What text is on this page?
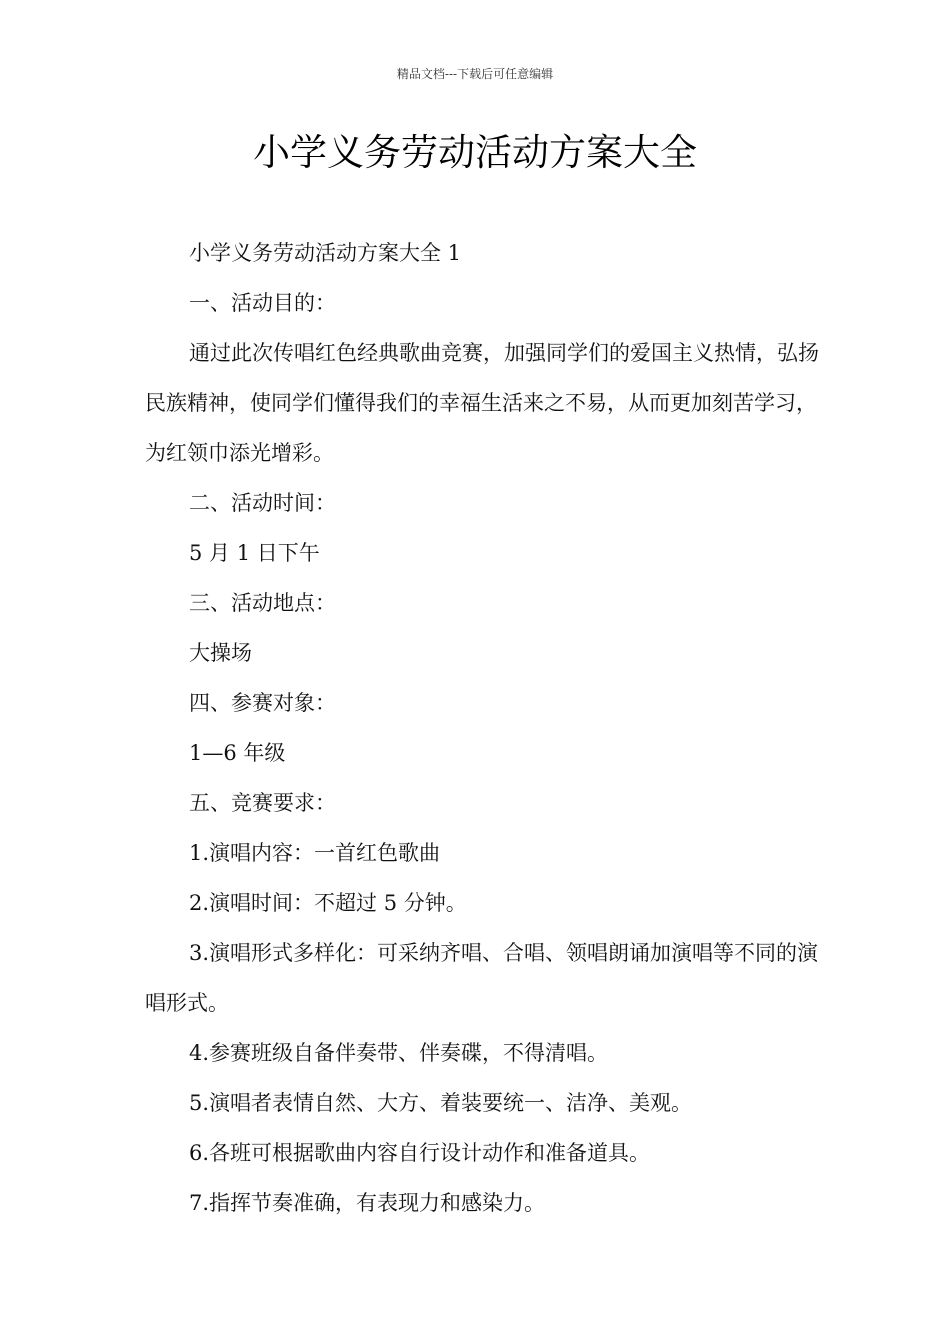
精品文档---下载后可任意编辑
小学义务劳动活动方案大全

小学义务劳动活动方案大全 1

一、活动目的：

通过此次传唱红色经典歌曲竞赛，加强同学们的爱国主义热情，弘扬民族精神，使同学们懂得我们的幸福生活来之不易，从而更加刻苦学习，为红领巾添光增彩。

二、活动时间：

5 月 1 日下午

三、活动地点：

大操场

四、参赛对象：

1—6 年级

五、竞赛要求：

1.演唱内容：一首红色歌曲

2.演唱时间：不超过 5 分钟。

3.演唱形式多样化：可采纳齐唱、合唱、领唱朗诵加演唱等不同的演唱形式。

4.参赛班级自备伴奏带、伴奏碟，不得清唱。

5.演唱者表情自然、大方、着装要统一、洁净、美观。

6.各班可根据歌曲内容自行设计动作和准备道具。

7.指挥节奏准确，有表现力和感染力。
